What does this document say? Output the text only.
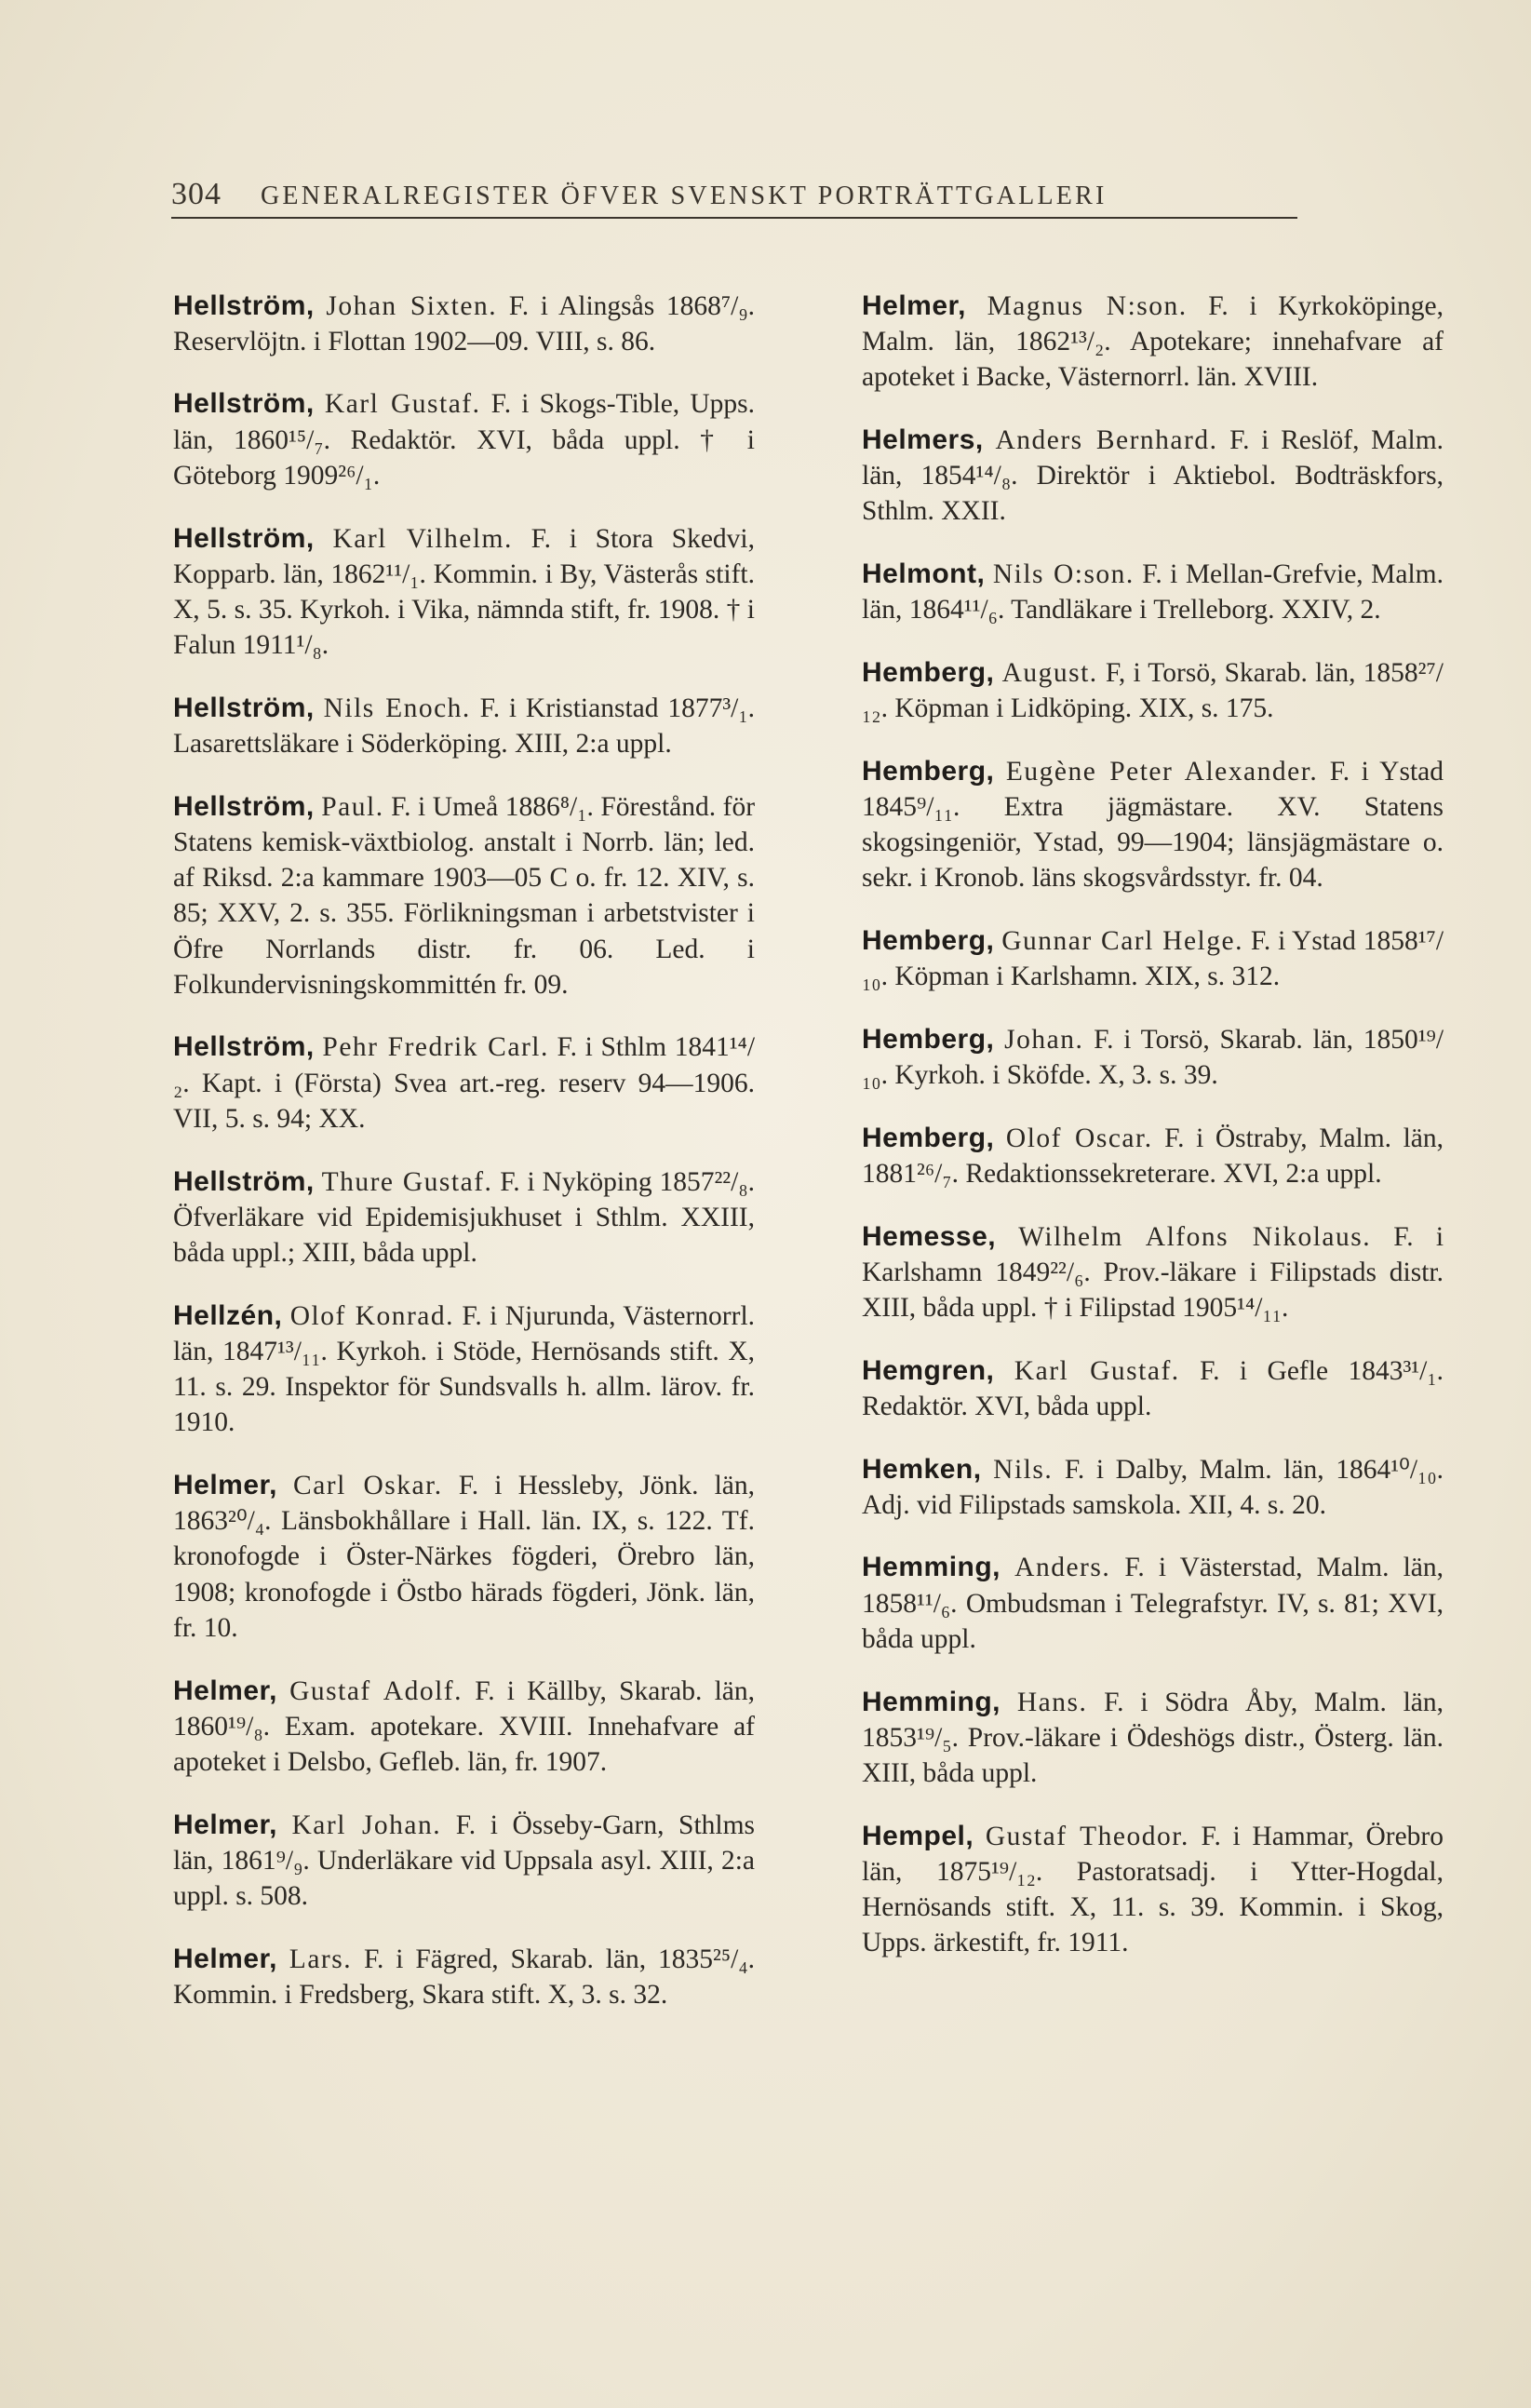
304 GENERALREGISTER ÖFVER SVENSKT PORTRÄTTGALLERI

Hellström, Johan Sixten. F. i Alingsås 1868⁷/₉. Reservlöjtn. i Flottan 1902—09. VIII, s. 86.

Hellström, Karl Gustaf. F. i Skogs-Tible, Upps. län, 1860¹⁵/₇. Redaktör. XVI, båda uppl. † i Göteborg 1909²⁶/₁.

Hellström, Karl Vilhelm. F. i Stora Skedvi, Kopparb. län, 1862¹¹/₁. Kommin. i By, Västerås stift. X, 5. s. 35. Kyrkoh. i Vika, nämnda stift, fr. 1908. † i Falun 1911¹/₈.

Hellström, Nils Enoch. F. i Kristianstad 1877³/₁. Lasarettsläkare i Söderköping. XIII, 2:a uppl.

Hellström, Paul. F. i Umeå 1886⁸/₁. Förestånd. för Statens kemisk-växtbiolog. anstalt i Norrb. län; led. af Riksd. 2:a kammare 1903—05 C o. fr. 12. XIV, s. 85; XXV, 2. s. 355. Förlikningsman i arbetstvister i Öfre Norrlands distr. fr. 06. Led. i Folkundervisningskommittén fr. 09.

Hellström, Pehr Fredrik Carl. F. i Sthlm 1841¹⁴/₂. Kapt. i (Första) Svea art.-reg. reserv 94—1906. VII, 5. s. 94; XX.

Hellström, Thure Gustaf. F. i Nyköping 1857²²/₈. Öfverläkare vid Epidemisjukhuset i Sthlm. XXIII, båda uppl.; XIII, båda uppl.

Hellzén, Olof Konrad. F. i Njurunda, Västernorrl. län, 1847¹³/₁₁. Kyrkoh. i Stöde, Hernösands stift. X, 11. s. 29. Inspektor för Sundsvalls h. allm. lärov. fr. 1910.

Helmer, Carl Oskar. F. i Hessleby, Jönk. län, 1863²⁰/₄. Länsbokhållare i Hall. län. IX, s. 122. Tf. kronofogde i Öster-Närkes fögderi, Örebro län, 1908; kronofogde i Östbo härads fögderi, Jönk. län, fr. 10.

Helmer, Gustaf Adolf. F. i Källby, Skarab. län, 1860¹⁹/₈. Exam. apotekare. XVIII. Innehafvare af apoteket i Delsbo, Gefleb. län, fr. 1907.

Helmer, Karl Johan. F. i Össeby-Garn, Sthlms län, 1861⁹/₉. Underläkare vid Uppsala asyl. XIII, 2:a uppl. s. 508.

Helmer, Lars. F. i Fägred, Skarab. län, 1835²⁵/₄. Kommin. i Fredsberg, Skara stift. X, 3. s. 32.

Helmer, Magnus N:son. F. i Kyrkoköpinge, Malm. län, 1862¹³/₂. Apotekare; innehafvare af apoteket i Backe, Västernorrl. län. XVIII.

Helmers, Anders Bernhard. F. i Reslöf, Malm. län, 1854¹⁴/₈. Direktör i Aktiebol. Bodträskfors, Sthlm. XXII.

Helmont, Nils O:son. F. i Mellan-Grefvie, Malm. län, 1864¹¹/₆. Tandläkare i Trelleborg. XXIV, 2.

Hemberg, August. F, i Torsö, Skarab. län, 1858²⁷/₁₂. Köpman i Lidköping. XIX, s. 175.

Hemberg, Eugène Peter Alexander. F. i Ystad 1845⁹/₁₁. Extra jägmästare. XV. Statens skogsingeniör, Ystad, 99—1904; länsjägmästare o. sekr. i Kronob. läns skogsvårdsstyr. fr. 04.

Hemberg, Gunnar Carl Helge. F. i Ystad 1858¹⁷/₁₀. Köpman i Karlshamn. XIX, s. 312.

Hemberg, Johan. F. i Torsö, Skarab. län, 1850¹⁹/₁₀. Kyrkoh. i Sköfde. X, 3. s. 39.

Hemberg, Olof Oscar. F. i Östraby, Malm. län, 1881²⁶/₇. Redaktionssekreterare. XVI, 2:a uppl.

Hemesse, Wilhelm Alfons Nikolaus. F. i Karlshamn 1849²²/₆. Prov.-läkare i Filipstads distr. XIII, båda uppl. † i Filipstad 1905¹⁴/₁₁.

Hemgren, Karl Gustaf. F. i Gefle 1843³¹/₁. Redaktör. XVI, båda uppl.

Hemken, Nils. F. i Dalby, Malm. län, 1864¹⁰/₁₀. Adj. vid Filipstads samskola. XII, 4. s. 20.

Hemming, Anders. F. i Västerstad, Malm. län, 1858¹¹/₆. Ombudsman i Telegrafstyr. IV, s. 81; XVI, båda uppl.

Hemming, Hans. F. i Södra Åby, Malm. län, 1853¹⁹/₅. Prov.-läkare i Ödeshögs distr., Österg. län. XIII, båda uppl.

Hempel, Gustaf Theodor. F. i Hammar, Örebro län, 1875¹⁹/₁₂. Pastoratsadj. i Ytter-Hogdal, Hernösands stift. X, 11. s. 39. Kommin. i Skog, Upps. ärkestift, fr. 1911.
